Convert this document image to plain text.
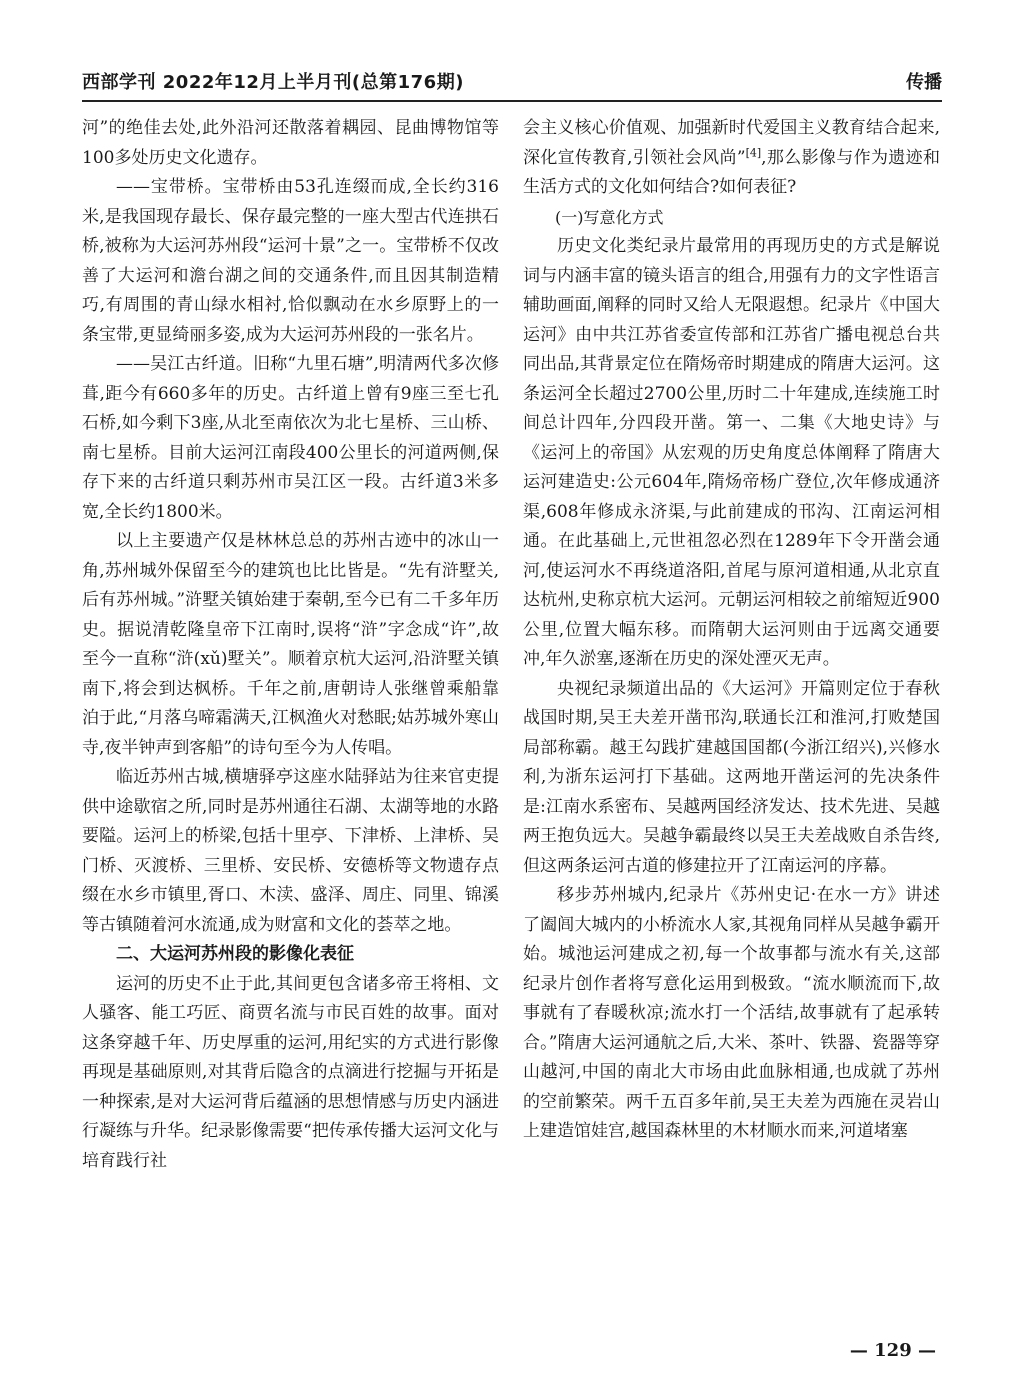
西部学刊 2022年12月上半月刊(总第176期)	传播

河”的绝佳去处,此外沿河还散落着耦园、昆曲博物馆等100多处历史文化遗存。

——宝带桥。宝带桥由53孔连缀而成,全长约316米,是我国现存最长、保存最完整的一座大型古代连拱石桥,被称为大运河苏州段“运河十景”之一。宝带桥不仅改善了大运河和澹台湖之间的交通条件,而且因其制造精巧,有周围的青山绿水相衬,恰似飘动在水乡原野上的一条宝带,更显绮丽多姿,成为大运河苏州段的一张名片。

——吴江古纤道。旧称“九里石塘”,明清两代多次修葺,距今有660多年的历史。古纤道上曾有9座三至七孔石桥,如今剩下3座,从北至南依次为北七星桥、三山桥、南七星桥。目前大运河江南段400公里长的河道两侧,保存下来的古纤道只剩苏州市吴江区一段。古纤道3米多宽,全长约1800米。

以上主要遗产仅是林林总总的苏州古迹中的冰山一角,苏州城外保留至今的建筑也比比皆是。“先有浒墅关,后有苏州城。”浒墅关镇始建于秦朝,至今已有二千多年历史。据说清乾隆皇帝下江南时,误将“浒”字念成“许”,故至今一直称“浒(xǔ)墅关”。顺着京杭大运河,沿浒墅关镇南下,将会到达枫桥。千年之前,唐朝诗人张继曾乘船靠泊于此,“月落乌啼霜满天,江枫渔火对愁眠;姑苏城外寒山寺,夜半钟声到客船”的诗句至今为人传唱。

临近苏州古城,横塘驿亭这座水陆驿站为往来官吏提供中途歇宿之所,同时是苏州通往石湖、太湖等地的水路要隘。运河上的桥梁,包括十里亭、下津桥、上津桥、吴门桥、灭渡桥、三里桥、安民桥、安德桥等文物遗存点缀在水乡市镇里,胥口、木渎、盛泽、周庄、同里、锦溪等古镇随着河水流通,成为财富和文化的荟萃之地。

二、大运河苏州段的影像化表征

运河的历史不止于此,其间更包含诸多帝王将相、文人骚客、能工巧匠、商贾名流与市民百姓的故事。面对这条穿越千年、历史厚重的运河,用纪实的方式进行影像再现是基础原则,对其背后隐含的点滴进行挖掘与开拓是一种探索,是对大运河背后蕴涵的思想情感与历史内涵进行凝练与升华。纪录影像需要“把传承传播大运河文化与培育践行社

会主义核心价值观、加强新时代爱国主义教育结合起来,深化宣传教育,引领社会风尚”[4],那么影像与作为遗迹和生活方式的文化如何结合?如何表征?

(一)写意化方式

历史文化类纪录片最常用的再现历史的方式是解说词与内涵丰富的镜头语言的组合,用强有力的文字性语言辅助画面,阐释的同时又给人无限遐想。纪录片《中国大运河》由中共江苏省委宣传部和江苏省广播电视总台共同出品,其背景定位在隋炀帝时期建成的隋唐大运河。这条运河全长超过2700公里,历时二十年建成,连续施工时间总计四年,分四段开凿。第一、二集《大地史诗》与《运河上的帝国》从宏观的历史角度总体阐释了隋唐大运河建造史:公元604年,隋炀帝杨广登位,次年修成通济渠,608年修成永济渠,与此前建成的邗沟、江南运河相通。在此基础上,元世祖忽必烈在1289年下令开凿会通河,使运河水不再绕道洛阳,首尾与原河道相通,从北京直达杭州,史称京杭大运河。元朝运河相较之前缩短近900公里,位置大幅东移。而隋朝大运河则由于远离交通要冲,年久淤塞,逐渐在历史的深处湮灭无声。

央视纪录频道出品的《大运河》开篇则定位于春秋战国时期,吴王夫差开凿邗沟,联通长江和淮河,打败楚国局部称霸。越王勾践扩建越国国都(今浙江绍兴),兴修水利,为浙东运河打下基础。这两地开凿运河的先决条件是:江南水系密布、吴越两国经济发达、技术先进、吴越两王抱负远大。吴越争霸最终以吴王夫差战败自杀告终,但这两条运河古道的修建拉开了江南运河的序幕。

移步苏州城内,纪录片《苏州史记·在水一方》讲述了阖闾大城内的小桥流水人家,其视角同样从吴越争霸开始。城池运河建成之初,每一个故事都与流水有关,这部纪录片创作者将写意化运用到极致。“流水顺流而下,故事就有了春暖秋凉;流水打一个活结,故事就有了起承转合。”隋唐大运河通航之后,大米、茶叶、铁器、瓷器等穿山越河,中国的南北大市场由此血脉相通,也成就了苏州的空前繁荣。两千五百多年前,吴王夫差为西施在灵岩山上建造馆娃宫,越国森林里的木材顺水而来,河道堵塞

— 129 —
